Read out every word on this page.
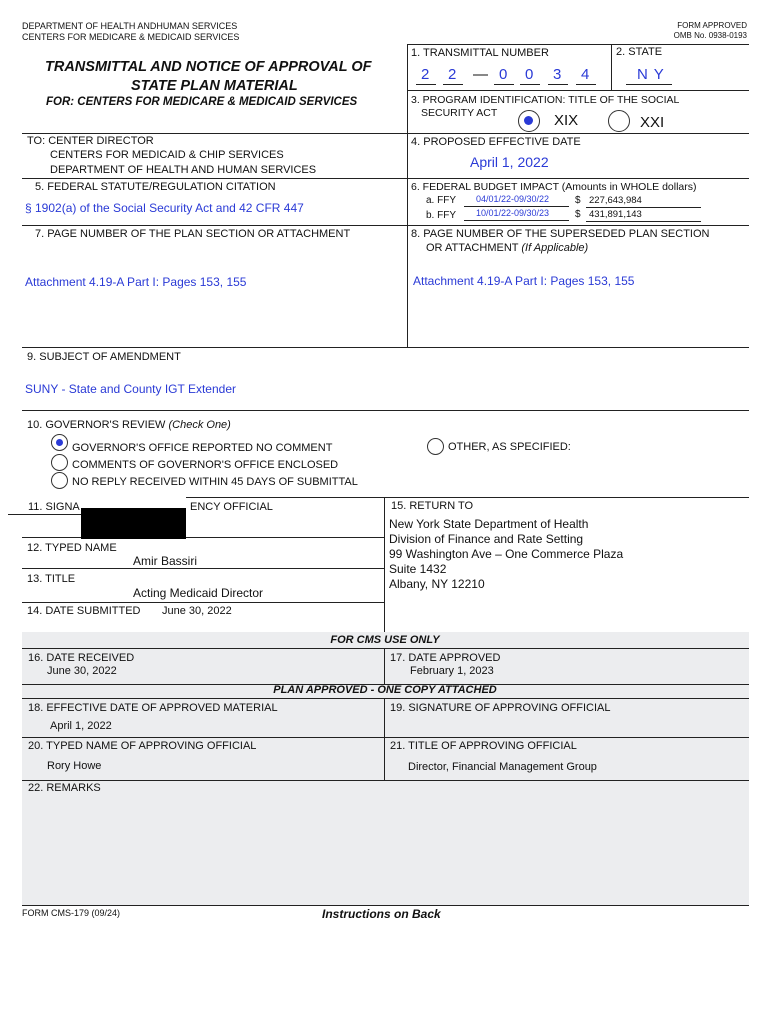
DEPARTMENT OF HEALTH ANDHUMAN SERVICES
CENTERS FOR MEDICARE & MEDICAID SERVICES
FORM APPROVED
OMB No. 0938-0193
TRANSMITTAL AND NOTICE OF APPROVAL OF
STATE PLAN MATERIAL
FOR: CENTERS FOR MEDICARE & MEDICAID SERVICES
1. TRANSMITTAL NUMBER
2 2 — 0 0 3 4
2. STATE
N Y
3. PROGRAM IDENTIFICATION: TITLE OF THE SOCIAL
SECURITY ACT	XIX	XXI
TO: CENTER DIRECTOR
CENTERS FOR MEDICAID & CHIP SERVICES
DEPARTMENT OF HEALTH AND HUMAN SERVICES
4. PROPOSED EFFECTIVE DATE
April 1, 2022
5. FEDERAL STATUTE/REGULATION CITATION
§ 1902(a) of the Social Security Act and 42 CFR 447
6. FEDERAL BUDGET IMPACT (Amounts in WHOLE dollars)
a. FFY 04/01/22-09/30/22	$ 227,643,984
b. FFY 10/01/22-09/30/23	$ 431,891,143
7. PAGE NUMBER OF THE PLAN SECTION OR ATTACHMENT
Attachment 4.19-A Part I: Pages 153, 155
8. PAGE NUMBER OF THE SUPERSEDED PLAN SECTION
OR ATTACHMENT (If Applicable)
Attachment 4.19-A Part I: Pages 153, 155
9. SUBJECT OF AMENDMENT
SUNY - State and County IGT Extender
10. GOVERNOR'S REVIEW (Check One)
GOVERNOR'S OFFICE REPORTED NO COMMENT
COMMENTS OF GOVERNOR'S OFFICE ENCLOSED
NO REPLY RECEIVED WITHIN 45 DAYS OF SUBMITTAL
OTHER, AS SPECIFIED:
11. SIGNA	ENCY OFFICIAL
12. TYPED NAME
Amir Bassiri
13. TITLE
Acting Medicaid Director
14. DATE SUBMITTED June 30, 2022
15. RETURN TO
New York State Department of Health
Division of Finance and Rate Setting
99 Washington Ave – One Commerce Plaza
Suite 1432
Albany, NY 12210
FOR CMS USE ONLY
16. DATE RECEIVED
June 30, 2022
17. DATE APPROVED
February 1, 2023
PLAN APPROVED - ONE COPY ATTACHED
18. EFFECTIVE DATE OF APPROVED MATERIAL
April 1, 2022
19. SIGNATURE OF APPROVING OFFICIAL
20. TYPED NAME OF APPROVING OFFICIAL
Rory Howe
21. TITLE OF APPROVING OFFICIAL
Director, Financial Management Group
22. REMARKS
FORM CMS-179 (09/24)	Instructions on Back
